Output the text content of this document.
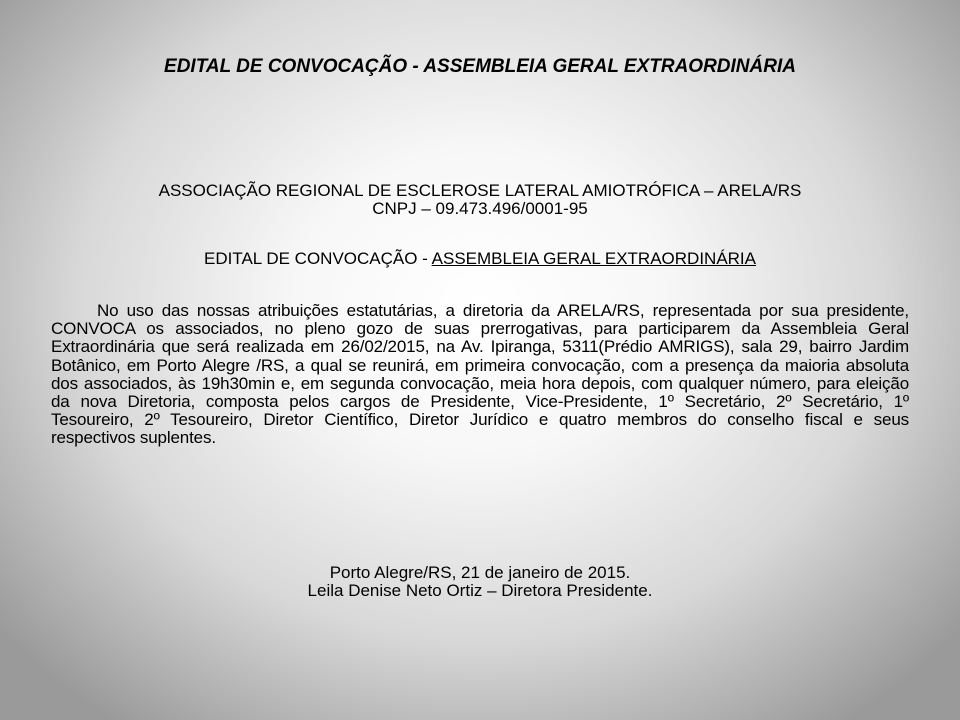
EDITAL DE CONVOCAÇÃO - ASSEMBLEIA GERAL EXTRAORDINÁRIA

ASSOCIAÇÃO REGIONAL DE ESCLEROSE LATERAL AMIOTRÓFICA – ARELA/RS

CNPJ – 09.473.496/0001-95

EDITAL DE CONVOCAÇÃO - ASSEMBLEIA GERAL EXTRAORDINÁRIA

No uso das nossas atribuições estatutárias, a diretoria da ARELA/RS, representada por sua presidente, CONVOCA os associados, no pleno gozo de suas prerrogativas, para participarem da Assembleia Geral Extraordinária que será realizada em 26/02/2015, na Av. Ipiranga, 5311(Prédio AMRIGS), sala 29, bairro Jardim Botânico, em Porto Alegre /RS, a qual se reunirá, em primeira convocação, com a presença da maioria absoluta dos associados, às 19h30min e, em segunda convocação, meia hora depois, com qualquer número, para eleição da nova Diretoria, composta pelos cargos de Presidente, Vice-Presidente, 1º Secretário, 2º Secretário, 1º Tesoureiro, 2º Tesoureiro, Diretor Científico, Diretor Jurídico e quatro membros do conselho fiscal e seus respectivos suplentes.

Porto Alegre/RS, 21 de janeiro de 2015.

Leila Denise Neto Ortiz – Diretora Presidente.
